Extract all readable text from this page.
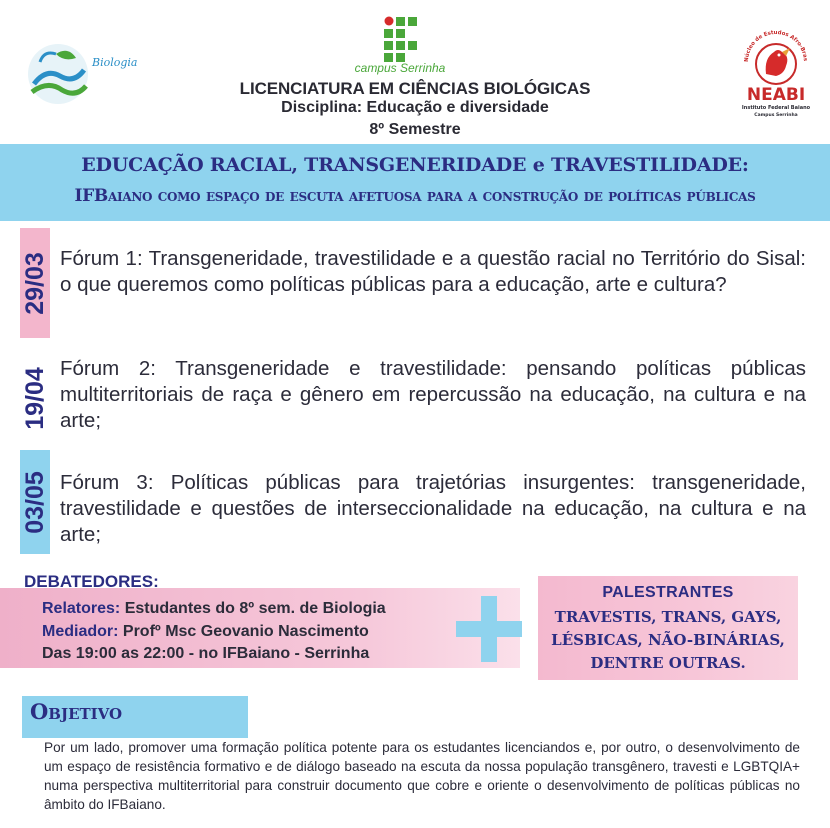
Biologia	campus Serrinha
LICENCIATURA EM CIÊNCIAS BIOLÓGICAS
Disciplina: Educação e diversidade
8º Semestre
Núcleo de Estudos Afro-Bras
NEABI
Instituto Federal Baiano
Campus Serrinha
EDUCAÇÃO RACIAL, TRANSGENERIDADE e TRAVESTILIDADE:
IFBaiano como espaço de escuta afetuosa para a construção de políticas públicas
29/03 Fórum 1: Transgeneridade, travestilidade e a questão racial no Território do Sisal: o que queremos como políticas públicas para a educação, arte e cultura?
19/04 Fórum 2: Transgeneridade e travestilidade: pensando políticas públicas multiterritoriais de raça e gênero em repercussão na educação, na cultura e na arte;
03/05 Fórum 3: Políticas públicas para trajetórias insurgentes: transgeneridade, travestilidade e questões de interseccionalidade na educação, na cultura e na arte;
DEBATEDORES:
Relatores: Estudantes do 8º sem. de Biologia
Mediador: Profº Msc Geovanio Nascimento
Das 19:00 as 22:00 - no IFBaiano - Serrinha
PALESTRANTES
TRAVESTIS, TRANS, GAYS,
LÉSBICAS, NÃO-BINÁRIAS,
DENTRE OUTRAS.
Objetivo
Por um lado, promover uma formação política potente para os estudantes licenciandos e, por outro, o desenvolvimento de um espaço de resistência formativo e de diálogo baseado na escuta da nossa população transgênero, travesti e LGBTQIA+ numa perspectiva multiterritorial para construir documento que cobre e oriente o desenvolvimento de políticas públicas no âmbito do IFBaiano.
